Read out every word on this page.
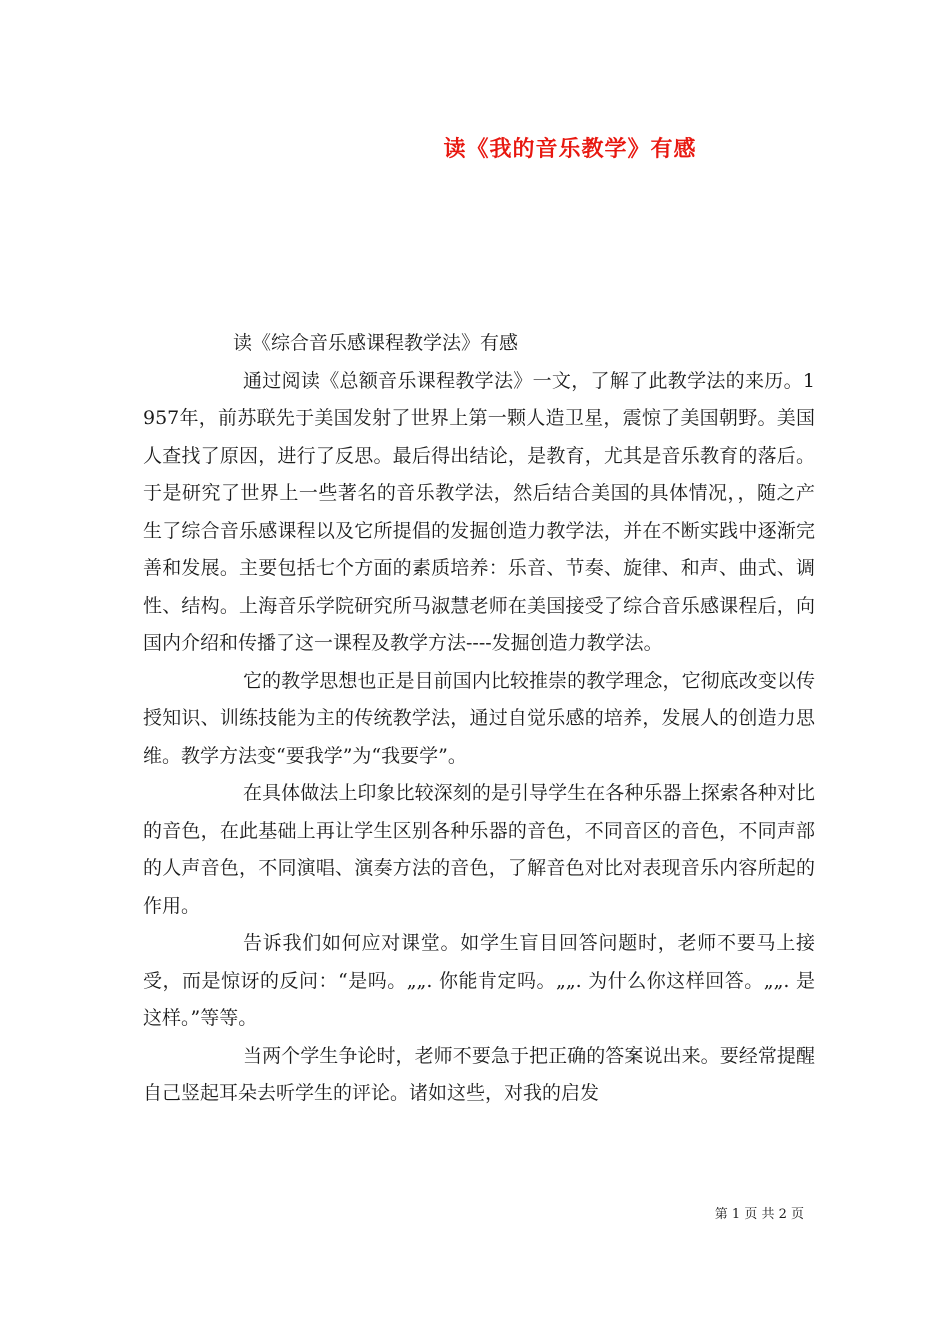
读《我的音乐教学》有感

读《综合音乐感课程教学法》有感

通过阅读《总额音乐课程教学法》一文，了解了此教学法的来历。1957年，前苏联先于美国发射了世界上第一颗人造卫星，震惊了美国朝野。美国人查找了原因，进行了反思。最后得出结论，是教育，尤其是音乐教育的落后。于是研究了世界上一些著名的音乐教学法，然后结合美国的具体情况，，随之产生了综合音乐感课程以及它所提倡的发掘创造力教学法，并在不断实践中逐渐完善和发展。主要包括七个方面的素质培养：乐音、节奏、旋律、和声、曲式、调性、结构。上海音乐学院研究所马淑慧老师在美国接受了综合音乐感课程后，向国内介绍和传播了这一课程及教学方法----发掘创造力教学法。

它的教学思想也正是目前国内比较推崇的教学理念，它彻底改变以传授知识、训练技能为主的传统教学法，通过自觉乐感的培养，发展人的创造力思维。教学方法变“要我学”为“我要学”。

在具体做法上印象比较深刻的是引导学生在各种乐器上探索各种对比的音色，在此基础上再让学生区别各种乐器的音色，不同音区的音色，不同声部的人声音色，不同演唱、演奏方法的音色，了解音色对比对表现音乐内容所起的作用。

告诉我们如何应对课堂。如学生盲目回答问题时，老师不要马上接受，而是惊讶的反问：“是吗。„„. 你能肯定吗。„„. 为什么你这样回答。„„. 是这样。”等等。

当两个学生争论时，老师不要急于把正确的答案说出来。要经常提醒自己竖起耳朵去听学生的评论。诸如这些，对我的启发

第 1 页 共 2 页
